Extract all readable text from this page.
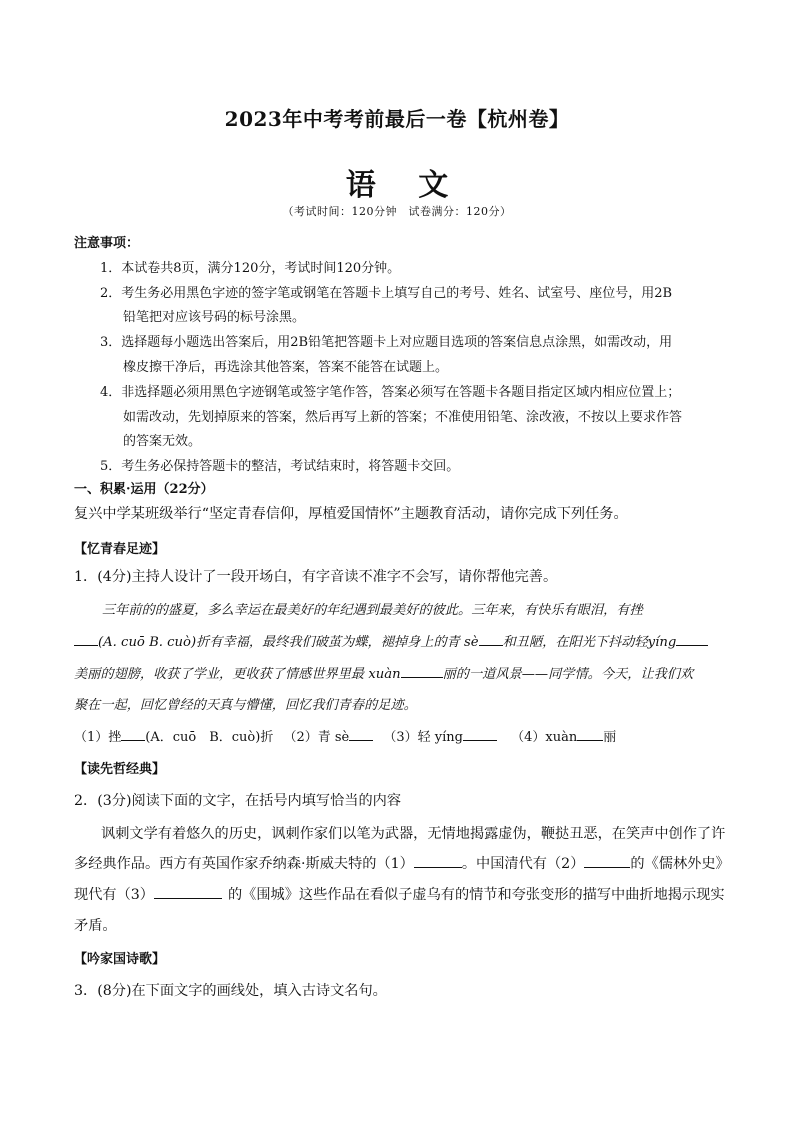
2023年中考考前最后一卷【杭州卷】
语 文
（考试时间：120分钟　试卷满分：120分）
注意事项：
1．本试卷共8页，满分120分，考试时间120分钟。
2．考生务必用黑色字迹的签字笔或钢笔在答题卡上填写自己的考号、姓名、试室号、座位号，用2B
铅笔把对应该号码的标号涂黑。
3．选择题每小题选出答案后，用2B铅笔把答题卡上对应题目选项的答案信息点涂黑，如需改动，用
橡皮擦干净后，再选涂其他答案，答案不能答在试题上。
4．非选择题必须用黑色字迹钢笔或签字笔作答，答案必须写在答题卡各题目指定区域内相应位置上；
如需改动，先划掉原来的答案，然后再写上新的答案；不准使用铅笔、涂改液，不按以上要求作答
的答案无效。
5．考生务必保持答题卡的整洁，考试结束时，将答题卡交回。
一、积累·运用（22分）
复兴中学某班级举行“坚定青春信仰，厚植爱国情怀”主题教育活动，请你完成下列任务。
【忆青春足迹】
1．(4分)主持人设计了一段开场白，有字音读不准字不会写，请你帮他完善。
三年前的的盛夏，多么幸运在最美好的年纪遇到最美好的彼此。三年来，有快乐有眼泪，有挫
(A. cuō B. cuò)折有幸福，最终我们破茧为蝶，褪掉身上的青 sè 和丑陋，在阳光下抖动轻yíng
美丽的翅膀，收获了学业，更收获了情感世界里最 xuàn	丽的一道风景——同学情。今天，让我们欢
聚在一起，回忆曾经的天真与懵懂，回忆我们青春的足迹。
（1）挫 (A．cuō　B．cuò)折 （2）青 sè	（3）轻 yíng	（4）xuàn 丽
【读先哲经典】
2．(3分)阅读下面的文字，在括号内填写恰当的内容
讽刺文学有着悠久的历史，讽刺作家们以笔为武器，无情地揭露虚伪，鞭挞丑恶，在笑声中创作了许
多经典作品。西方有英国作家乔纳森·斯威夫特的（1）	。中国清代有（2）	的《儒林外史》
现代有（3）	的《围城》这些作品在看似子虚乌有的情节和夸张变形的描写中曲折地揭示现实
矛盾。
【吟家国诗歌】
3．(8分)在下面文字的画线处，填入古诗文名句。
